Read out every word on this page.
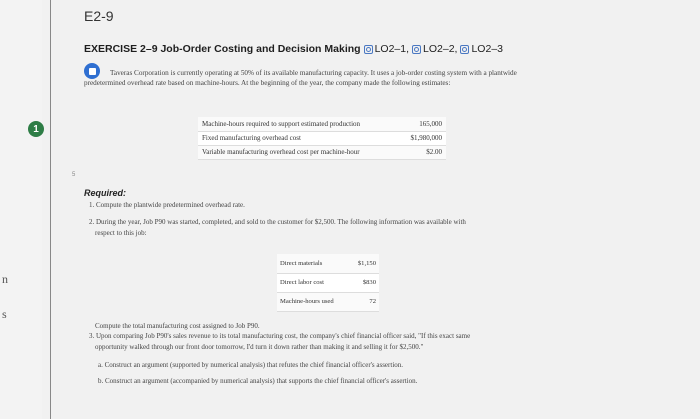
n
s
1
E2-9
EXERCISE 2–9 Job-Order Costing and Decision Making LO2–1, LO2–2, LO2–3

Taveras Corporation is currently operating at 50% of its available manufacturing capacity. It uses a job-order costing system with a plantwide predetermined overhead rate based on machine-hours. At the beginning of the year, the company made the following estimates:

Machine-hours required to support estimated production	165,000
Fixed manufacturing overhead cost	$1,980,000
Variable manufacturing overhead cost per machine-hour	$2.00
5
Required:
1. Compute the plantwide predetermined overhead rate.
2. During the year, Job P90 was started, completed, and sold to the customer for $2,500. The following information was available with
respect to this job:
Direct materials	$1,150
Direct labor cost	$830
Machine-hours used	72
Compute the total manufacturing cost assigned to Job P90.
3. Upon comparing Job P90's sales revenue to its total manufacturing cost, the company's chief financial officer said, "If this exact same
opportunity walked through our front door tomorrow, I'd turn it down rather than making it and selling it for $2,500."
a. Construct an argument (supported by numerical analysis) that refutes the chief financial officer's assertion.
b. Construct an argument (accompanied by numerical analysis) that supports the chief financial officer's assertion.
